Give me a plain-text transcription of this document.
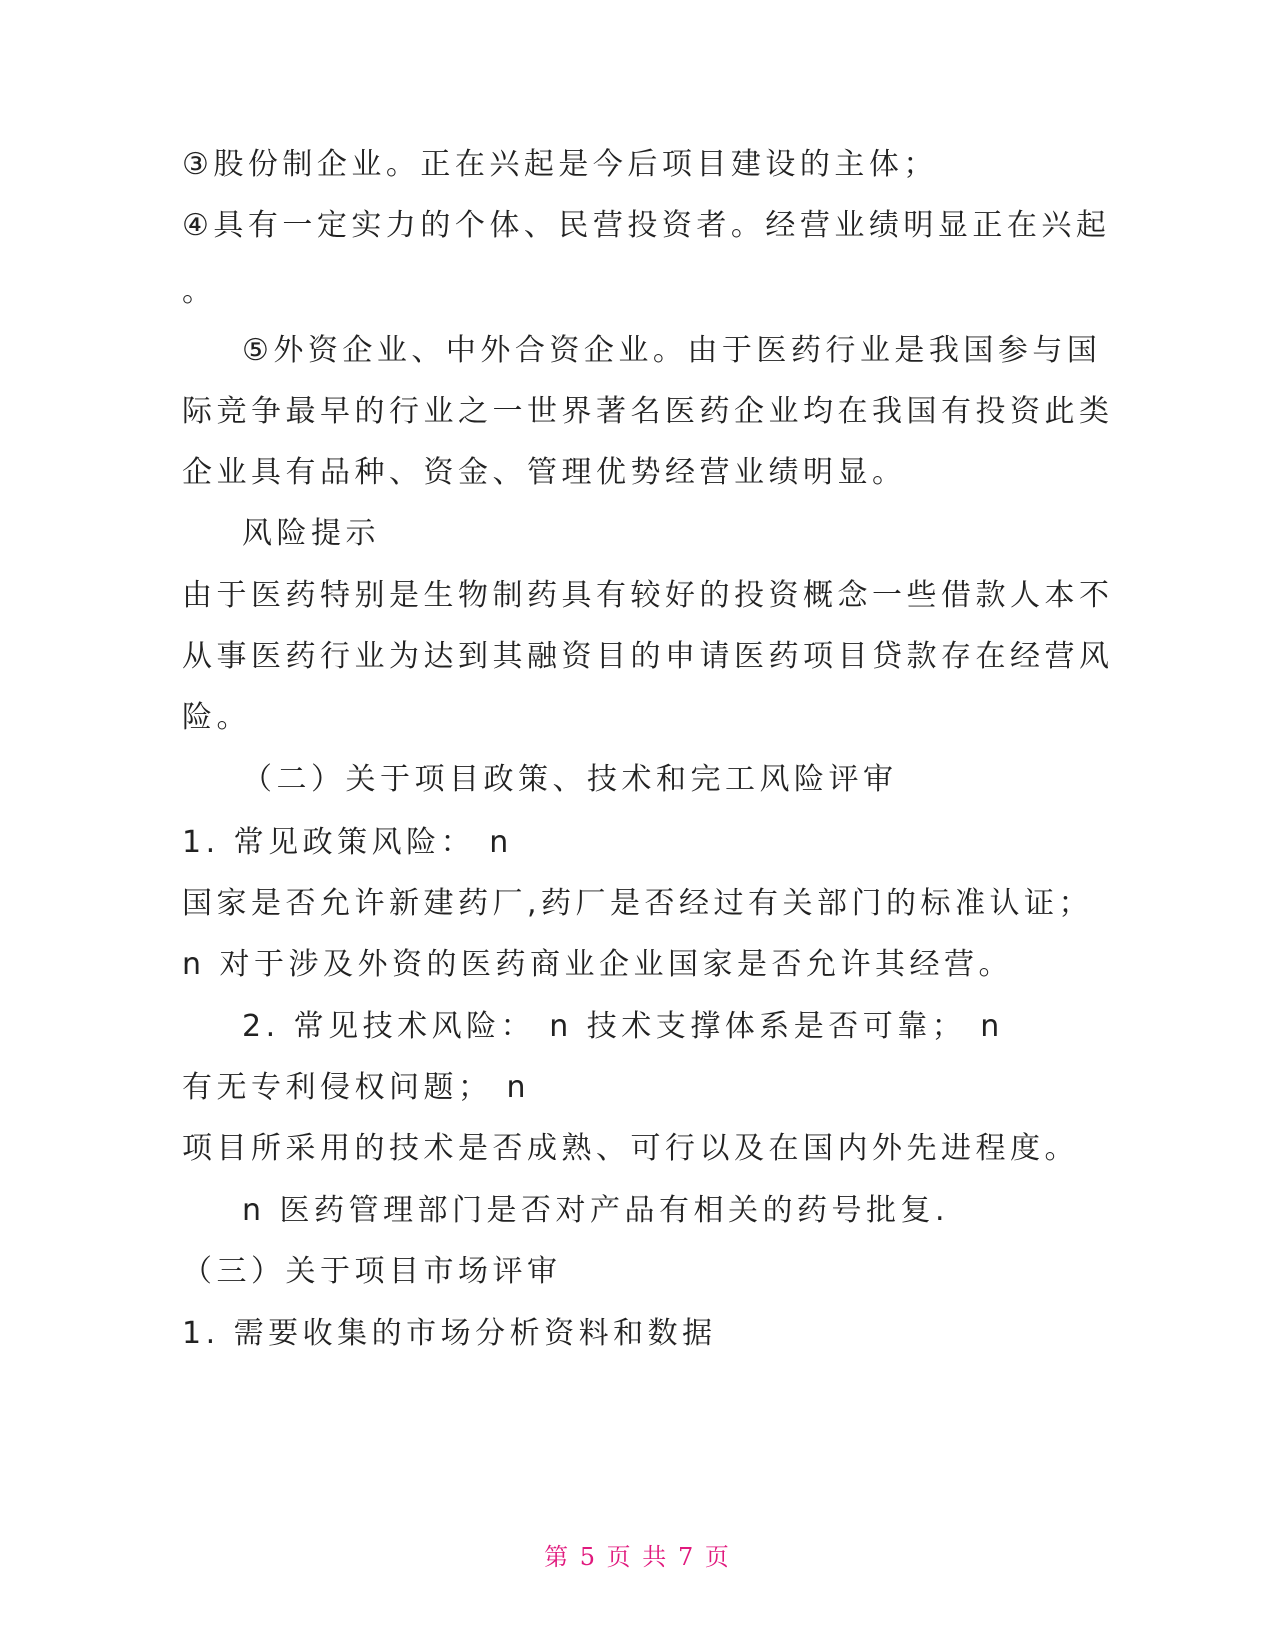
③股份制企业。正在兴起是今后项目建设的主体；
④具有一定实力的个体、民营投资者。经营业绩明显正在兴起
。
⑤外资企业、中外合资企业。由于医药行业是我国参与国
际竞争最早的行业之一世界著名医药企业均在我国有投资此类
企业具有品种、资金、管理优势经营业绩明显。
风险提示
由于医药特别是生物制药具有较好的投资概念一些借款人本不
从事医药行业为达到其融资目的申请医药项目贷款存在经营风
险。
（二）关于项目政策、技术和完工风险评审
1. 常见政策风险： n
国家是否允许新建药厂,药厂是否经过有关部门的标准认证；
n 对于涉及外资的医药商业企业国家是否允许其经营。
2. 常见技术风险： n 技术支撑体系是否可靠； n
有无专利侵权问题； n
项目所采用的技术是否成熟、可行以及在国内外先进程度。
n 医药管理部门是否对产品有相关的药号批复.
（三）关于项目市场评审
1. 需要收集的市场分析资料和数据
第 5 页 共 7 页
